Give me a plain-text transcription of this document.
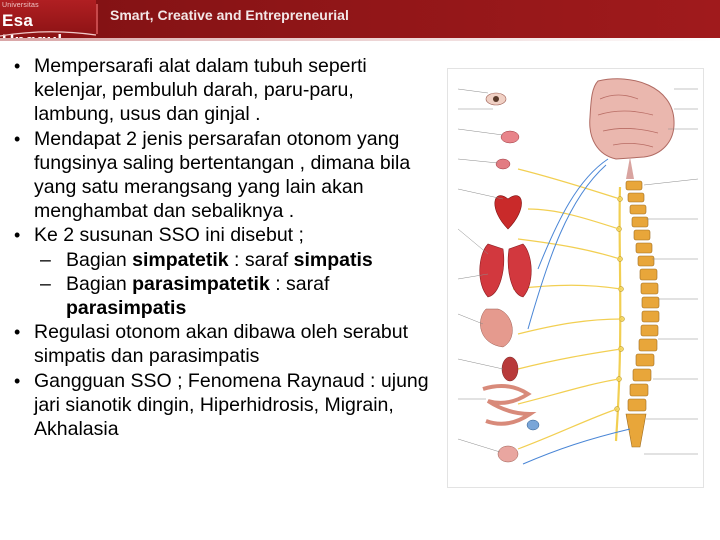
Universitas
Esa	Smart, Creative and Entrepreneurial
• Mempersarafi alat dalam tubuh seperti kelenjar, pembuluh darah, paru-paru, lambung, usus dan ginjal .
• Mendapat 2 jenis persarafan otonom yang fungsinya saling bertentangan , dimana bila yang satu merangsang yang lain akan menghambat dan sebaliknya .
• Ke 2 susunan SSO ini disebut ;
– Bagian simpatetik : saraf simpatis
– Bagian parasimpatetik : saraf parasimpatis
• Regulasi otonom akan dibawa oleh serabut simpatis dan parasimpatis
• Gangguan SSO ; Fenomena Raynaud : ujung jari sianotik dingin, Hiperhidrosis, Migrain, Akhalasia
